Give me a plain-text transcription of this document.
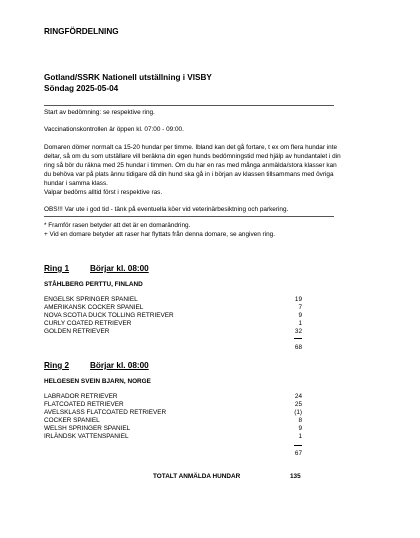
RINGFÖRDELNING
Gotland/SSRK Nationell utställning i VISBY
Söndag 2025-05-04
Start av bedömning: se respektive ring.
Vaccinationskontrollen är öppen kl. 07:00 - 09:00.
Domaren dömer normalt ca 15-20 hundar per timme. Ibland kan det gå fortare, t ex om flera hundar inte
deltar, så om du som utställare vill beräkna din egen hunds bedömningstid med hjälp av hundantalet i din
ring så bör du räkna med 25 hundar i timmen. Om du har en ras med många anmälda/stora klasser kan
du behöva var på plats ännu tidigare då din hund ska gå in i början av klassen tillsammans med övriga
hundar i samma klass.
Valpar bedöms alltid först i respektive ras.
OBS!!! Var ute i god tid - tänk på eventuella köer vid veterinärbesiktning och parkering.
* Framför rasen betyder att det är en domarändring.
+ Vid en domare betyder att raser har flyttats från denna domare, se angiven ring.
Ring 1	Börjar kl. 08:00
STÅHLBERG PERTTU, FINLAND
ENGELSK SPRINGER SPANIEL	19
AMERIKANSK COCKER SPANIEL	7
NOVA SCOTIA DUCK TOLLING RETRIEVER	9
CURLY COATED RETRIEVER	1
GOLDEN RETRIEVER	32
68
Ring 2	Börjar kl. 08:00
HELGESEN SVEIN BJARN, NORGE
LABRADOR RETRIEVER	24
FLATCOATED RETRIEVER	25
AVELSKLASS FLATCOATED RETRIEVER	(1)
COCKER SPANIEL	8
WELSH SPRINGER SPANIEL	9
IRLÄNDSK VATTENSPANIEL	1
67
TOTALT ANMÄLDA HUNDAR	135
